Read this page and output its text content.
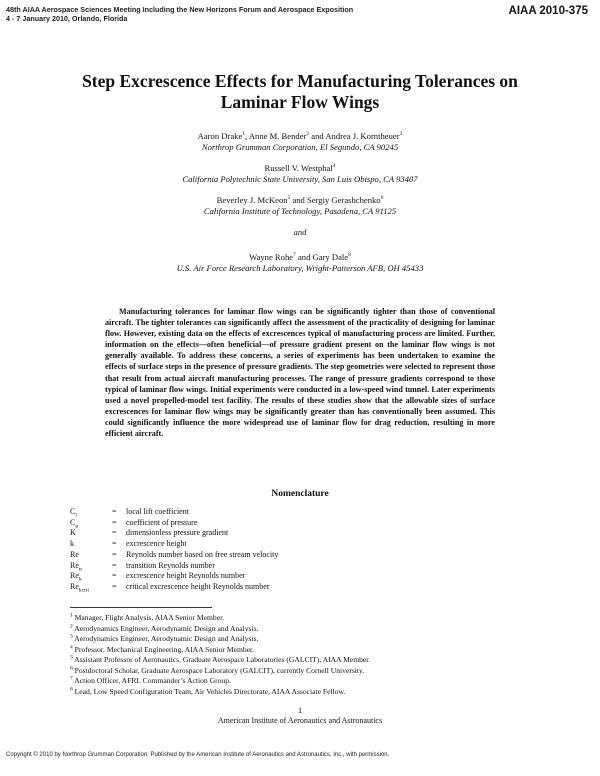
48th AIAA Aerospace Sciences Meeting Including the New Horizons Forum and Aerospace Exposition
4 - 7 January 2010, Orlando, Florida
AIAA 2010-375
Step Excrescence Effects for Manufacturing Tolerances on
Laminar Flow Wings
Aaron Drake$^1$, Anne M. Bender$^2$ and Andrea J. Korntheuer$^3$
Northrop Grumman Corporation, El Segundo, CA 90245
Russell V. Westphal$^4$
California Polytechnic State University, San Luis Obispo, CA 93407
Beverley J. McKeon$^5$ and Sergiy Gerashchenko$^6$
California Institute of Technology, Pasadena, CA 91125
and
Wayne Rohe$^7$ and Gary Dale$^8$
U.S. Air Force Research Laboratory, Wright-Patterson AFB, OH 45433
Manufacturing tolerances for laminar flow wings can be significantly tighter than those of conventional aircraft. The tighter tolerances can significantly affect the assessment of the practicality of designing for laminar flow. However, existing data on the effects of excrescences typical of manufacturing process are limited. Further, information on the effects—often beneficial—of pressure gradient present on the laminar flow wings is not generally available. To address these concerns, a series of experiments has been undertaken to examine the effects of surface steps in the presence of pressure gradients. The step geometries were selected to represent those that result from actual aircraft manufacturing processes. The range of pressure gradients correspond to those typical of laminar flow wings. Initial experiments were conducted in a low-speed wind tunnel. Later experiments used a novel propelled-model test facility. The results of these studies show that the allowable sizes of surface excrescences for laminar flow wings may be significantly greater than has conventionally been assumed. This could significantly influence the more widespread use of laminar flow for drag reduction, resulting in more efficient aircraft.
Nomenclature
$C_l$	=	local lift coefficient
$C_p$	=	coefficient of pressure
K	=	dimensionless pressure gradient
k	=	excrescence height
Re	=	Reynolds number based on free stream velocity
$Re_{tr}$	=	transition Reynolds number
$Re_k$	=	excrescence height Reynolds number
$Re_{kcrit}$	=	critical excrescence height Reynolds number
$^1$ Manager, Flight Analysis, AIAA Senior Member.
$^2$ Aerodynamics Engineer, Aerodynamic Design and Analysis.
$^3$ Aerodynamics Engineer, Aerodynamic Design and Analysis.
$^4$ Professor, Mechanical Engineering, AIAA Senior Member.
$^5$ Assistant Professor of Aeronautics, Graduate Aerospace Laboratories (GALCIT), AIAA Member.
$^6$ Postdoctoral Scholar, Graduate Aerospace Laboratory (GALCIT), currently Cornell University.
$^7$ Action Officer, AFRL Commander’s Action Group.
$^8$ Lead, Low Speed Configuration Team, Air Vehicles Directorate, AIAA Associate Fellow.
1
American Institute of Aeronautics and Astronautics
Copyright © 2010 by Northrop Grumman Corporation. Published by the American Institute of Aeronautics and Astronautics, Inc., with permission.
